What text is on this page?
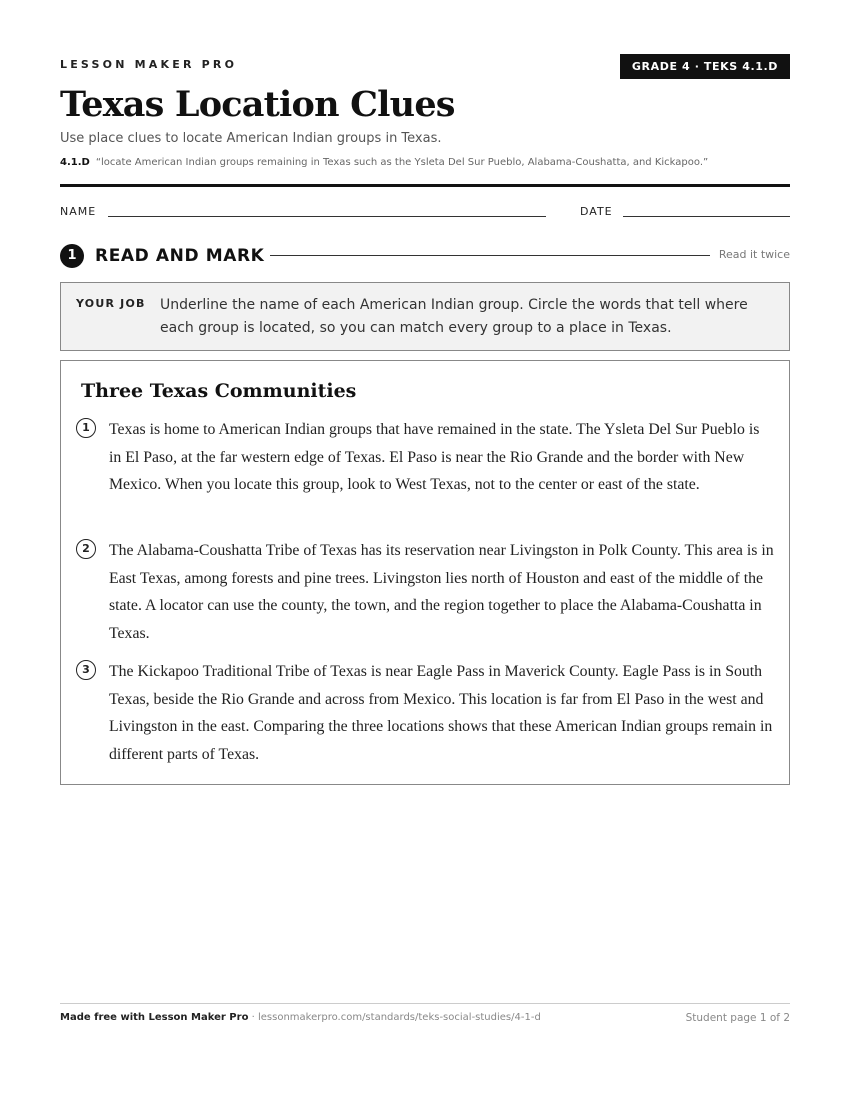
LESSON MAKER PRO	GRADE 4 · TEKS 4.1.D
Texas Location Clues
Use place clues to locate American Indian groups in Texas.
4.1.D “locate American Indian groups remaining in Texas such as the Ysleta Del Sur Pueblo, Alabama-Coushatta, and Kickapoo.”
NAME	DATE
1	READ AND MARK	Read it twice
YOUR JOB Underline the name of each American Indian group. Circle the words that tell where each group is located, so you can match every group to a place in Texas.
Three Texas Communities
1	Texas is home to American Indian groups that have remained in the state. The Ysleta Del Sur Pueblo is in El Paso, at the far western edge of Texas. El Paso is near the Rio Grande and the border with New Mexico. When you locate this group, look to West Texas, not to the center or east of the state.

2	The Alabama-Coushatta Tribe of Texas has its reservation near Livingston in Polk County. This area is in East Texas, among forests and pine trees. Livingston lies north of Houston and east of the middle of the state. A locator can use the county, the town, and the region together to place the Alabama-Coushatta in Texas.

3	The Kickapoo Traditional Tribe of Texas is near Eagle Pass in Maverick County. Eagle Pass is in South Texas, beside the Rio Grande and across from Mexico. This location is far from El Paso in the west and Livingston in the east. Comparing the three locations shows that these American Indian groups remain in different parts of Texas.

Made free with Lesson Maker Pro · lessonmakerpro.com/standards/teks-social-studies/4-1-d	Student page 1 of 2
